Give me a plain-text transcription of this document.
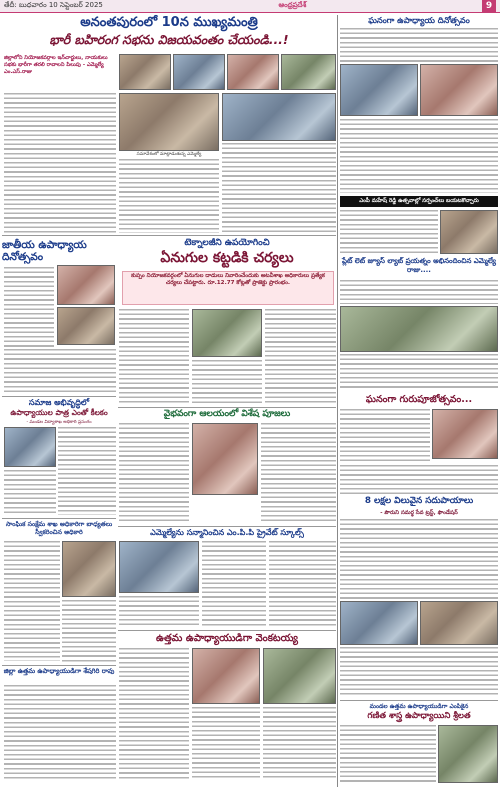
తేదీ: బుధవారం 10 సెప్టెంబర్ 2025	ఆంధ్రప్రదేశ్	9
అనంతపురంలో 10న ముఖ్యమంత్రి
భారీ బహిరంగ సభను విజయవంతం చేయండి...!
జిల్లాలోని నియోజకవర్గాల ఇన్‌చార్జులు, నాయకులు సభకు భారీగా తరలి రావాలని పిలుపు - ఎమ్మెల్యే ఎం.ఎస్.రాజు
సమావేశంలో మాట్లాడుతున్న ఎమ్మెల్యే
జాతీయ ఉపాధ్యాయ దినోత్సవం
టెక్నాలజీని ఉపయోగించి
ఏనుగుల కట్టడికి చర్యలు
కుప్పం నియోజకవర్గంలో ఏనుగుల దాడులు నివారించేందుకు అటవీశాఖ అధికారులు ప్రత్యేక చర్యలు చేపట్టారు. రూ.12.77 కోట్లతో ప్రాజెక్టు ప్రారంభం.
సమాజ అభివృద్ధిలో
ఉపాధ్యాయుల పాత్ర ఎంతో కీలకం
- మండల విద్యాశాఖ అధికారి ప్రసంగం
వైభవంగా ఆలయంలో విశేష పూజలు
సాంఘిక సంక్షేమ శాఖ అధికారిగా బాధ్యతలు స్వీకరించిన అధికారి	ఎమ్మెల్యేను సన్మానించిన ఎం.పి.పి ప్రైవేట్ స్కూల్స్
ఉత్తమ ఉపాధ్యాయుడిగా వెంకటయ్య
జిల్లా ఉత్తమ ఉపాధ్యాయుడిగా శేషగిరి రావు
ఘనంగా ఉపాధ్యాయ దినోత్సవం
ఎంపీ మహేష్ రెడ్డి ఉత్సవాల్లో సర్పంచ్‌లు బయటకొచ్చారు
ప్లేట్ లెట్ జ్యూస్ ల్యాబ్ ప్రయత్నం అభినందించిన ఎమ్మెల్యే రాజు....
ఘనంగా గురుపూజోత్సవం...
8 లక్షల విలువైన సదుపాయాలు
- పౌరుని సమర్థ సేవ ట్రస్ట్, ఫౌండేషన్
మండల ఉత్తమ ఉపాధ్యాయుడిగా ఎంపికైన
గణిత శాస్త్ర ఉపాధ్యాయిని శ్రీలత
